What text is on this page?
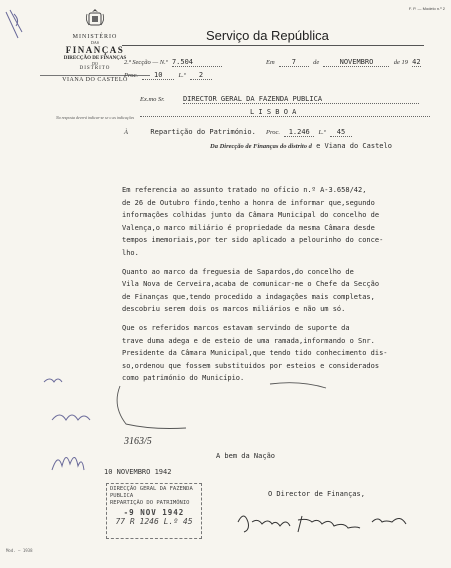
MINISTÉRIO
DAS
FINANÇAS
DIRECÇÃO DE FINANÇAS
DO
DISTRITO
VIANA DO CASTELO
Na resposta deverá indicar-se se o as indicações
F. P. — Modelo n.º 2
Serviço da República
2.ª Secção — N.º 7.504	Em 7	de	NOVEMBRO	de 19 42
Proc. 10 L.º 2
Ex.mo Sr.	DIRECTOR GERAL DA FAZENDA PUBLICA
L I S B O A
À	Repartição do Património. Proc. 1.246 L.º 45
Da Direcção de Finanças do distrito d e Viana do Castelo

Em referencia ao assunto tratado no ofício n.º A-3.658/42,
de 26 de Outubro findo,tenho a honra de informar que,segundo
informações colhidas junto da Câmara Municipal do concelho de
Valença,o marco miliário é propriedade da mesma Câmara desde
tempos imemoriais,por ter sido aplicado a pelourinho do conce-
lho.

Quanto ao marco da freguesia de Sapardos,do concelho de
Vila Nova de Cerveira,acaba de comunicar-me o Chefe da Secção
de Finanças que,tendo procedido a indagações mais completas,
descobriu serem dois os marcos miliários e não um só.

Que os referidos marcos estavam servindo de suporte da
trave duma adega e de esteio de uma ramada,informando o Snr.
Presidente da Câmara Municipal,que tendo tido conhecimento dis-
so,ordenou que fossem substituidos por esteios e considerados
como património do Município.

3163/5
10 NOVEMBRO 1942
DIRECÇÃO GERAL DA FAZENDA PUBLICA
REPARTIÇÃO DO PATRIMÓNIO
-9 NOV 1942
77 R 1246 L.º 45
A bem da Nação
O Director de Finanças,
Mod. — 1938
